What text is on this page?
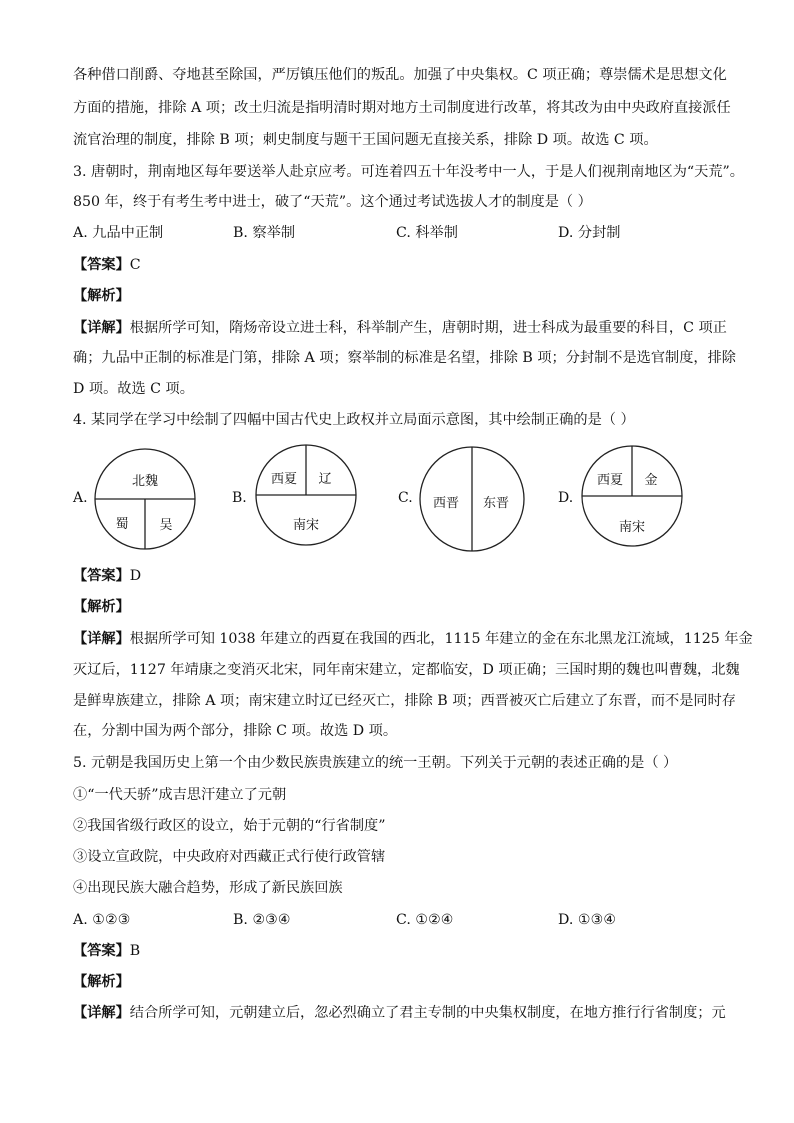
各种借口削爵、夺地甚至除国，严厉镇压他们的叛乱。加强了中央集权。C 项正确；尊崇儒术是思想文化
方面的措施，排除 A 项；改土归流是指明清时期对地方土司制度进行改革，将其改为由中央政府直接派任
流官治理的制度，排除 B 项；刺史制度与题干王国问题无直接关系，排除 D 项。故选 C 项。
3. 唐朝时，荆南地区每年要送举人赴京应考。可连着四五十年没考中一人，于是人们视荆南地区为“天荒”。
850 年，终于有考生考中进士，破了“天荒”。这个通过考试选拔人才的制度是（ ）
A. 九品中正制	B. 察举制	C. 科举制	D. 分封制
【答案】C
【解析】
【详解】根据所学可知，隋炀帝设立进士科，科举制产生，唐朝时期，进士科成为最重要的科目，C 项正
确；九品中正制的标准是门第，排除 A 项；察举制的标准是名望，排除 B 项；分封制不是选官制度，排除
D 项。故选 C 项。
4. 某同学在学习中绘制了四幅中国古代史上政权并立局面示意图，其中绘制正确的是（ ）
A.
北魏
蜀 吴
B.
西夏 辽
南宋
C. 西晋 东晋	D.
西夏 金
南宋
【答案】D
【解析】
【详解】根据所学可知 1038 年建立的西夏在我国的西北，1115 年建立的金在东北黑龙江流域，1125 年金
灭辽后，1127 年靖康之变消灭北宋，同年南宋建立，定都临安，D 项正确；三国时期的魏也叫曹魏，北魏
是鲜卑族建立，排除 A 项；南宋建立时辽已经灭亡，排除 B 项；西晋被灭亡后建立了东晋，而不是同时存
在，分割中国为两个部分，排除 C 项。故选 D 项。
5. 元朝是我国历史上第一个由少数民族贵族建立的统一王朝。下列关于元朝的表述正确的是（ ）
①“一代天骄”成吉思汗建立了元朝
②我国省级行政区的设立，始于元朝的“行省制度”
③设立宣政院，中央政府对西藏正式行使行政管辖
④出现民族大融合趋势，形成了新民族回族
A. ①②③	B. ②③④	C. ①②④	D. ①③④
【答案】B
【解析】
【详解】结合所学可知，元朝建立后，忽必烈确立了君主专制的中央集权制度，在地方推行行省制度；元
